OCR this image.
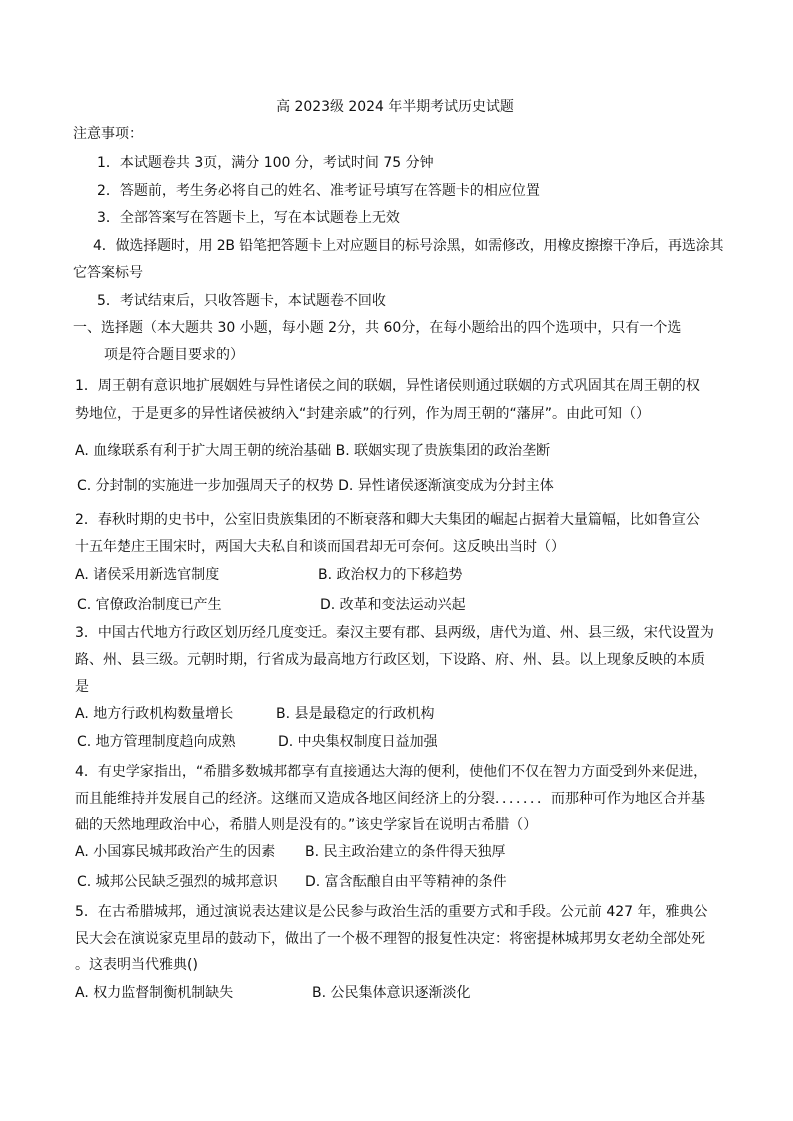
高 2023级 2024 年半期考试历史试题
注意事项：
1．本试题卷共 3页，满分 100 分，考试时间 75 分钟
2．答题前，考生务必将自己的姓名、准考证号填写在答题卡的相应位置
3．全部答案写在答题卡上，写在本试题卷上无效
4．做选择题时，用 2B 铅笔把答题卡上对应题目的标号涂黑，如需修改，用橡皮擦擦干净后，再选涂其
它答案标号
5．考试结束后，只收答题卡，本试题卷不回收
一、选择题（本大题共 30 小题，每小题 2分，共 60分，在每小题给出的四个选项中，只有一个选
项是符合题目要求的）
1．周王朝有意识地扩展姻姓与异性诸侯之间的联姻，异性诸侯则通过联姻的方式巩固其在周王朝的权
势地位，于是更多的异性诸侯被纳入“封建亲戚”的行列，作为周王朝的“藩屏”。由此可知（）
A. 血缘联系有利于扩大周王朝的统治基础 B. 联姻实现了贵族集团的政治垄断
C. 分封制的实施进一步加强周天子的权势 D. 异性诸侯逐渐演变成为分封主体
2．春秋时期的史书中，公室旧贵族集团的不断衰落和卿大夫集团的崛起占据着大量篇幅，比如鲁宣公
十五年楚庄王围宋时，两国大夫私自和谈而国君却无可奈何。这反映出当时（）
A. 诸侯采用新选官制度	B. 政治权力的下移趋势
C. 官僚政治制度已产生	D. 改革和变法运动兴起
3．中国古代地方行政区划历经几度变迁。秦汉主要有郡、县两级，唐代为道、州、县三级，宋代设置为
路、州、县三级。元朝时期，行省成为最高地方行政区划，下设路、府、州、县。以上现象反映的本质
是
A. 地方行政机构数量增长	B. 县是最稳定的行政机构
C. 地方管理制度趋向成熟	D. 中央集权制度日益加强
4．有史学家指出，“希腊多数城邦都享有直接通达大海的便利，使他们不仅在智力方面受到外来促进，
而且能维持并发展自己的经济。这继而又造成各地区间经济上的分裂．．．．．．．而那种可作为地区合并基
础的天然地理政治中心，希腊人则是没有的。”该史学家旨在说明古希腊（）
A. 小国寡民城邦政治产生的因素 B. 民主政治建立的条件得天独厚
C. 城邦公民缺乏强烈的城邦意识 D. 富含酝酿自由平等精神的条件
5．在古希腊城邦，通过演说表达建议是公民参与政治生活的重要方式和手段。公元前 427 年，雅典公
民大会在演说家克里昂的鼓动下，做出了一个极不理智的报复性决定：将密提林城邦男女老幼全部处死
。这表明当代雅典()
A. 权力监督制衡机制缺失	B. 公民集体意识逐渐淡化
